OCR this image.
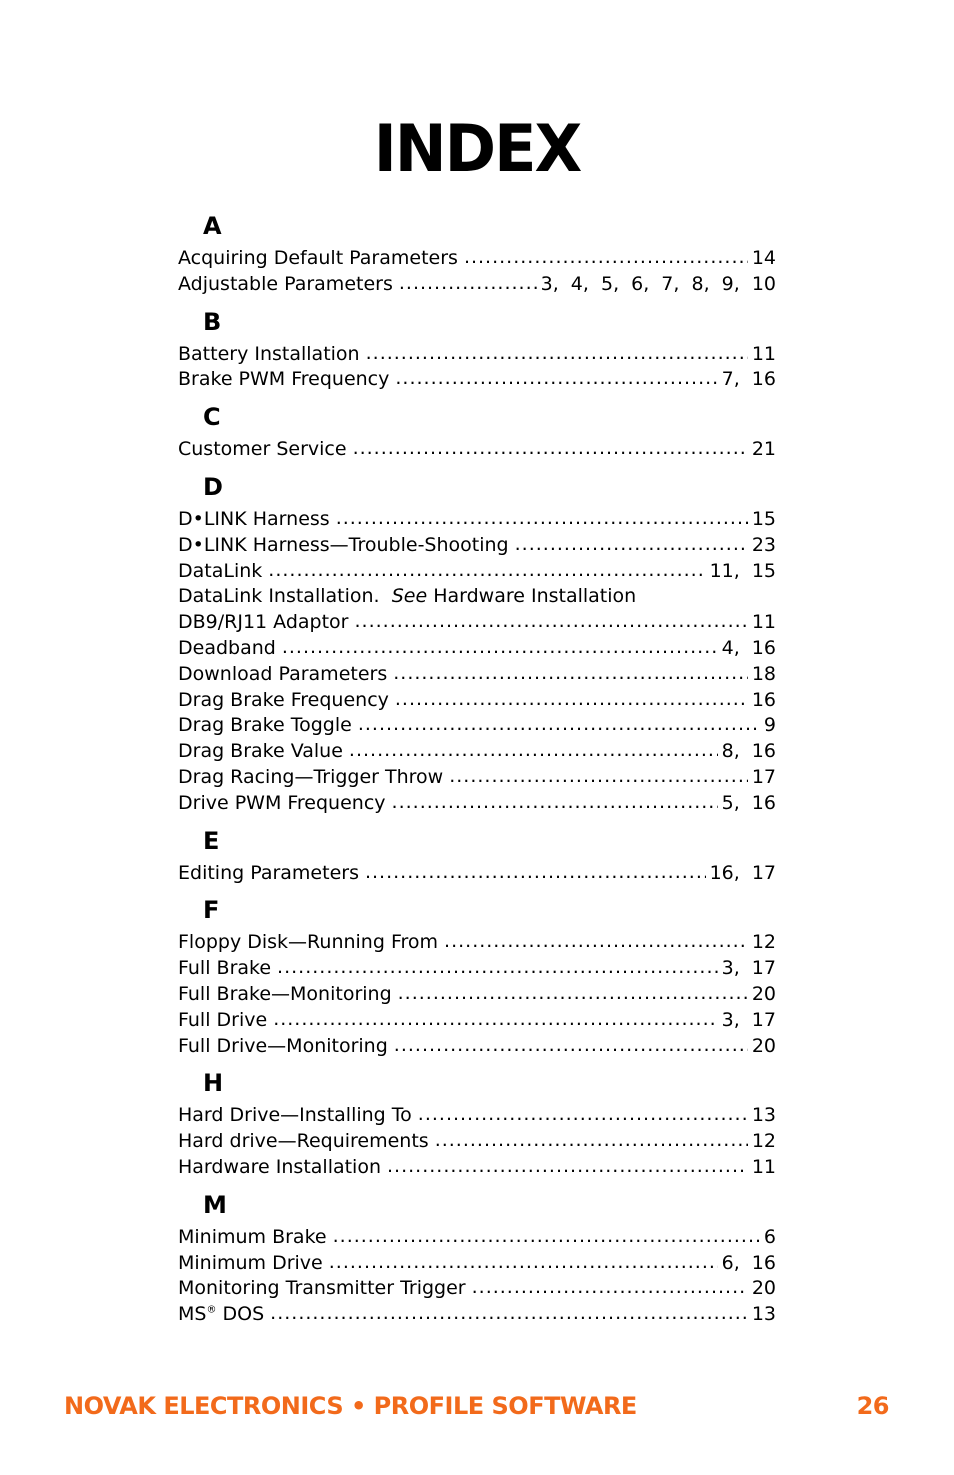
INDEX
A
Acquiring Default Parameters .....	14
Adjustable Parameters .....	3, 4, 5, 6, 7, 8, 9, 10
B
Battery Installation .....	11
Brake PWM Frequency .....	7, 16
C
Customer Service .....	21
D
D•LINK Harness .....	15
D•LINK Harness—Trouble-Shooting .....	23
DataLink .....	11, 15
DataLink Installation. See Hardware Installation
DB9/RJ11 Adaptor .....	11
Deadband .....	4, 16
Download Parameters .....	18
Drag Brake Frequency .....	16
Drag Brake Toggle .....	9
Drag Brake Value .....	8, 16
Drag Racing—Trigger Throw .....	17
Drive PWM Frequency .....	5, 16
E
Editing Parameters .....	16, 17
F
Floppy Disk—Running From .....	12
Full Brake .....	3, 17
Full Brake—Monitoring .....	20
Full Drive .....	3, 17
Full Drive—Monitoring .....	20
H
Hard Drive—Installing To .....	13
Hard drive—Requirements .....	12
Hardware Installation .....	11
M
Minimum Brake .....	6
Minimum Drive .....	6, 16
Monitoring Transmitter Trigger .....	20
MS® DOS .....	13
NOVAK ELECTRONICS • PROFILE SOFTWARE	26
